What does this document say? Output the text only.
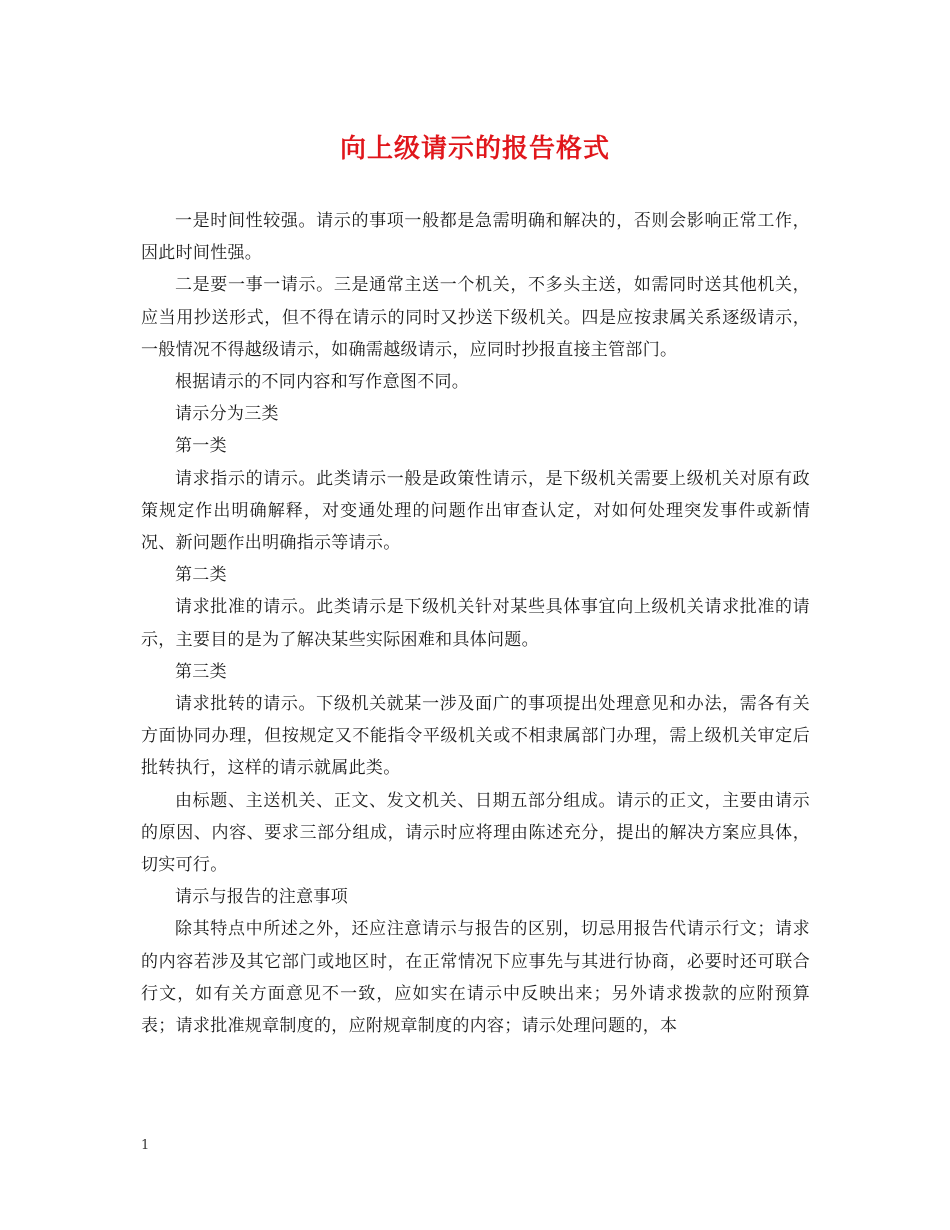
向上级请示的报告格式

一是时间性较强。请示的事项一般都是急需明确和解决的，否则会影响正常工作，因此时间性强。

二是要一事一请示。三是通常主送一个机关，不多头主送，如需同时送其他机关，应当用抄送形式，但不得在请示的同时又抄送下级机关。四是应按隶属关系逐级请示，一般情况不得越级请示，如确需越级请示，应同时抄报直接主管部门。

根据请示的不同内容和写作意图不同。

请示分为三类

第一类

请求指示的请示。此类请示一般是政策性请示，是下级机关需要上级机关对原有政策规定作出明确解释，对变通处理的问题作出审查认定，对如何处理突发事件或新情况、新问题作出明确指示等请示。

第二类

请求批准的请示。此类请示是下级机关针对某些具体事宜向上级机关请求批准的请示，主要目的是为了解决某些实际困难和具体问题。

第三类

请求批转的请示。下级机关就某一涉及面广的事项提出处理意见和办法，需各有关方面协同办理，但按规定又不能指令平级机关或不相隶属部门办理，需上级机关审定后批转执行，这样的请示就属此类。

由标题、主送机关、正文、发文机关、日期五部分组成。请示的正文，主要由请示的原因、内容、要求三部分组成，请示时应将理由陈述充分，提出的解决方案应具体，切实可行。

请示与报告的注意事项

除其特点中所述之外，还应注意请示与报告的区别，切忌用报告代请示行文；请求的内容若涉及其它部门或地区时，在正常情况下应事先与其进行协商，必要时还可联合行文，如有关方面意见不一致，应如实在请示中反映出来；另外请求拨款的应附预算表；请求批准规章制度的，应附规章制度的内容；请示处理问题的，本

1
